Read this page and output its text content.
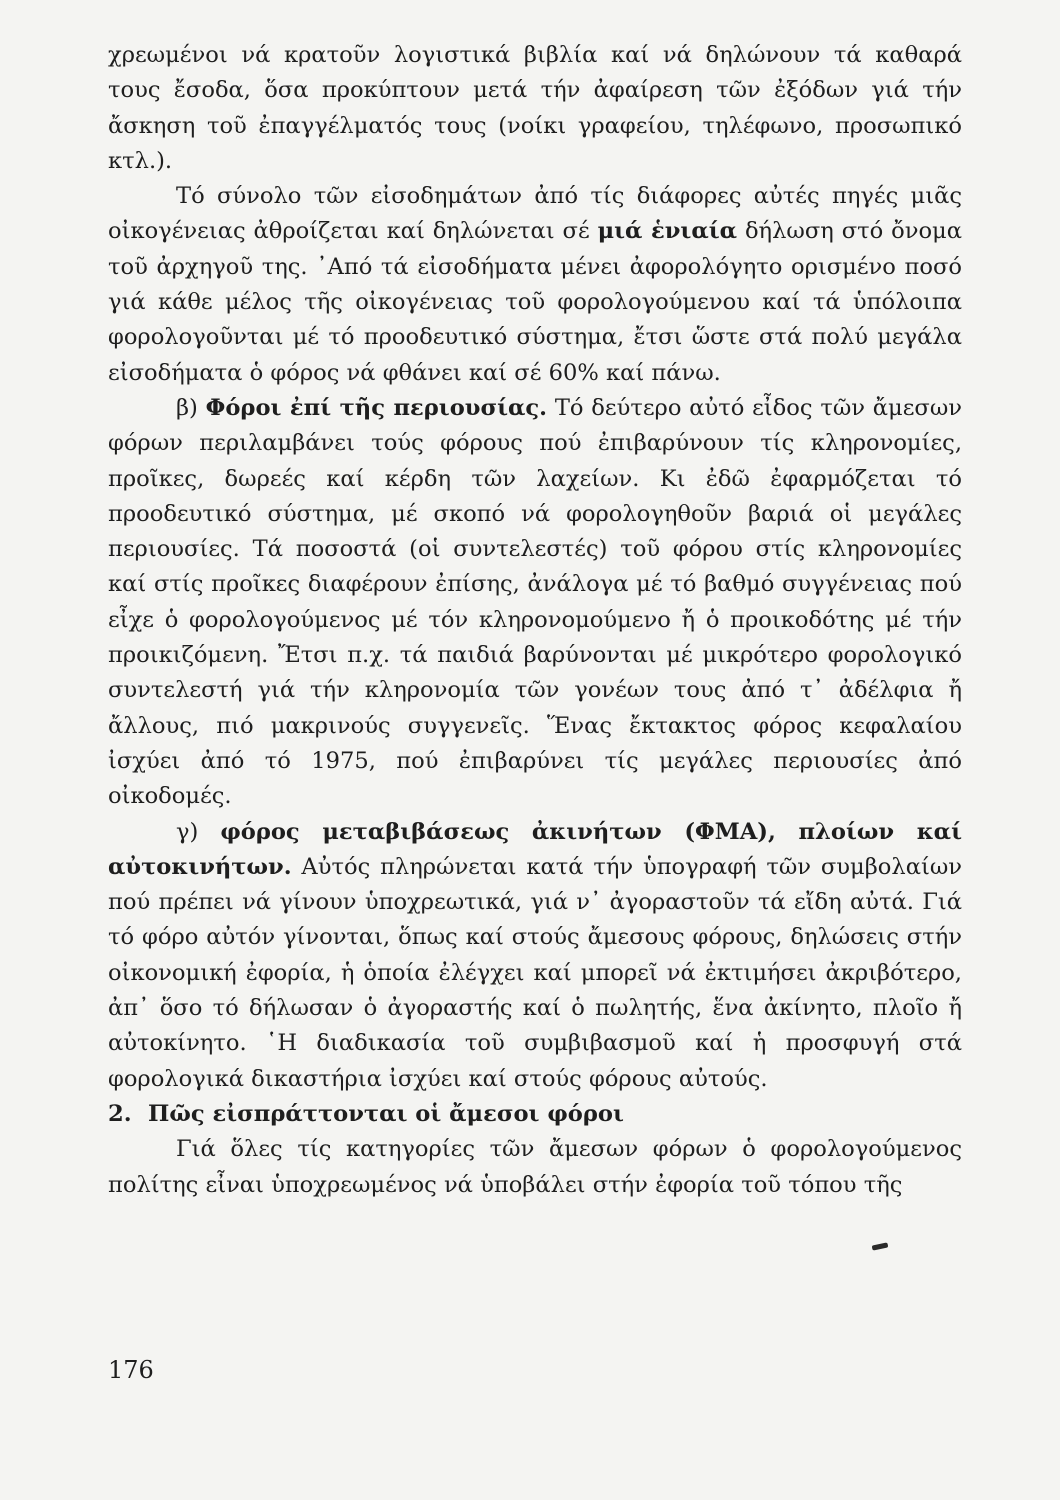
χρεωμένοι νά κρατοῦν λογιστικά βιβλία καί νά δηλώνουν τά καθαρά τους ἔσοδα, ὅσα προκύπτουν μετά τήν ἀφαίρεση τῶν ἐξόδων γιά τήν ἄσκηση τοῦ ἐπαγγέλματός τους (νοίκι γραφείου, τηλέφωνο, προσωπικό κτλ.).

Τό σύνολο τῶν εἰσοδημάτων ἀπό τίς διάφορες αὐτές πηγές μιᾶς οἰκογένειας ἀθροίζεται καί δηλώνεται σέ μιά ἑνιαία δήλωση στό ὄνομα τοῦ ἀρχηγοῦ της. ᾿Από τά εἰσοδήματα μένει ἀφορολόγητο ορισμένο ποσό γιά κάθε μέλος τῆς οἰκογένειας τοῦ φορολογούμενου καί τά ὑπόλοιπα φορολογοῦνται μέ τό προοδευτικό σύστημα, ἔτσι ὥστε στά πολύ μεγάλα εἰσοδήματα ὁ φόρος νά φθάνει καί σέ 60% καί πάνω.

β) Φόροι ἐπί τῆς περιουσίας. Τό δεύτερο αὐτό εἶδος τῶν ἄμεσων φόρων περιλαμβάνει τούς φόρους πού ἐπιβαρύνουν τίς κληρονομίες, προῖκες, δωρεές καί κέρδη τῶν λαχείων. Κι ἐδῶ ἐφαρμόζεται τό προοδευτικό σύστημα, μέ σκοπό νά φορολογηθοῦν βαριά οἱ μεγάλες περιουσίες. Τά ποσοστά (οἱ συντελεστές) τοῦ φόρου στίς κληρονομίες καί στίς προῖκες διαφέρουν ἐπίσης, ἀνάλογα μέ τό βαθμό συγγένειας πού εἶχε ὁ φορολογούμενος μέ τόν κληρονομούμενο ἤ ὁ προικοδότης μέ τήν προικιζόμενη. Ἔτσι π.χ. τά παιδιά βαρύνονται μέ μικρότερο φορολογικό συντελεστή γιά τήν κληρονομία τῶν γονέων τους ἀπό τ᾿ ἀδέλφια ἤ ἄλλους, πιό μακρινούς συγγενεῖς. Ἕνας ἔκτακτος φόρος κεφαλαίου ἰσχύει ἀπό τό 1975, πού ἐπιβαρύνει τίς μεγάλες περιουσίες ἀπό οἰκοδομές.

γ) φόρος μεταβιβάσεως ἀκινήτων (ΦΜΑ), πλοίων καί αὐτοκινήτων. Αὐτός πληρώνεται κατά τήν ὑπογραφή τῶν συμβολαίων πού πρέπει νά γίνουν ὑποχρεωτικά, γιά ν᾿ ἀγοραστοῦν τά εἴδη αὐτά. Γιά τό φόρο αὐτόν γίνονται, ὅπως καί στούς ἄμεσους φόρους, δηλώσεις στήν οἰκονομική ἐφορία, ἡ ὁποία ἐλέγχει καί μπορεῖ νά ἐκτιμήσει ἀκριβότερο, ἀπ᾿ ὅσο τό δήλωσαν ὁ ἀγοραστής καί ὁ πωλητής, ἕνα ἀκίνητο, πλοῖο ἤ αὐτοκίνητο. ῾Η διαδικασία τοῦ συμβιβασμοῦ καί ἡ προσφυγή στά φορολογικά δικαστήρια ἰσχύει καί στούς φόρους αὐτούς.

2. Πῶς εἰσπράττονται οἱ ἄμεσοι φόροι

Γιά ὅλες τίς κατηγορίες τῶν ἄμεσων φόρων ὁ φορολογούμενος πολίτης εἶναι ὑποχρεωμένος νά ὑποβάλει στήν ἐφορία τοῦ τόπου τῆς

176
